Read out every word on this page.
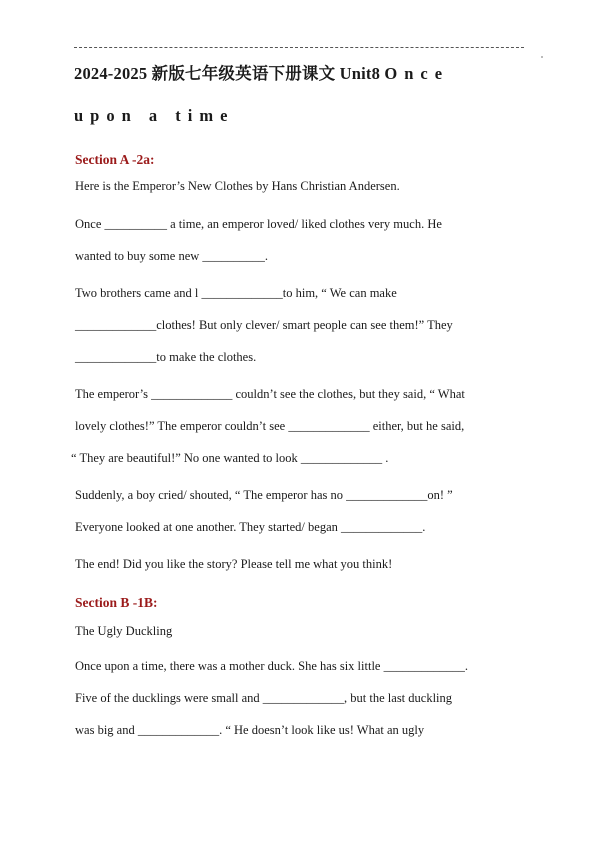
2024-2025 新版七年级英语下册课文 Unit8 Once
upon a time
Section A -2a:
Here is the Emperor’s New Clothes by Hans Christian Andersen.
Once __________ a time, an emperor loved/ liked clothes very much. He
wanted to buy some new __________.
Two brothers came and l _____________to him, “ We can make
_____________clothes! But only clever/ smart people can see them!” They
_____________to make the clothes.
The emperor’s _____________ couldn’t see the clothes, but they said, “ What
lovely clothes!” The emperor couldn’t see _____________ either, but he said,
“ They are beautiful!” No one wanted to look _____________ .
Suddenly, a boy cried/ shouted, “ The emperor has no _____________on! ”
Everyone looked at one another. They started/ began _____________.
The end! Did you like the story? Please tell me what you think!
Section B -1B:
The Ugly Duckling
Once upon a time, there was a mother duck. She has six little _____________.
Five of the ducklings were small and _____________, but the last duckling
was big and _____________. “ He doesn’t look like us! What an ugly
